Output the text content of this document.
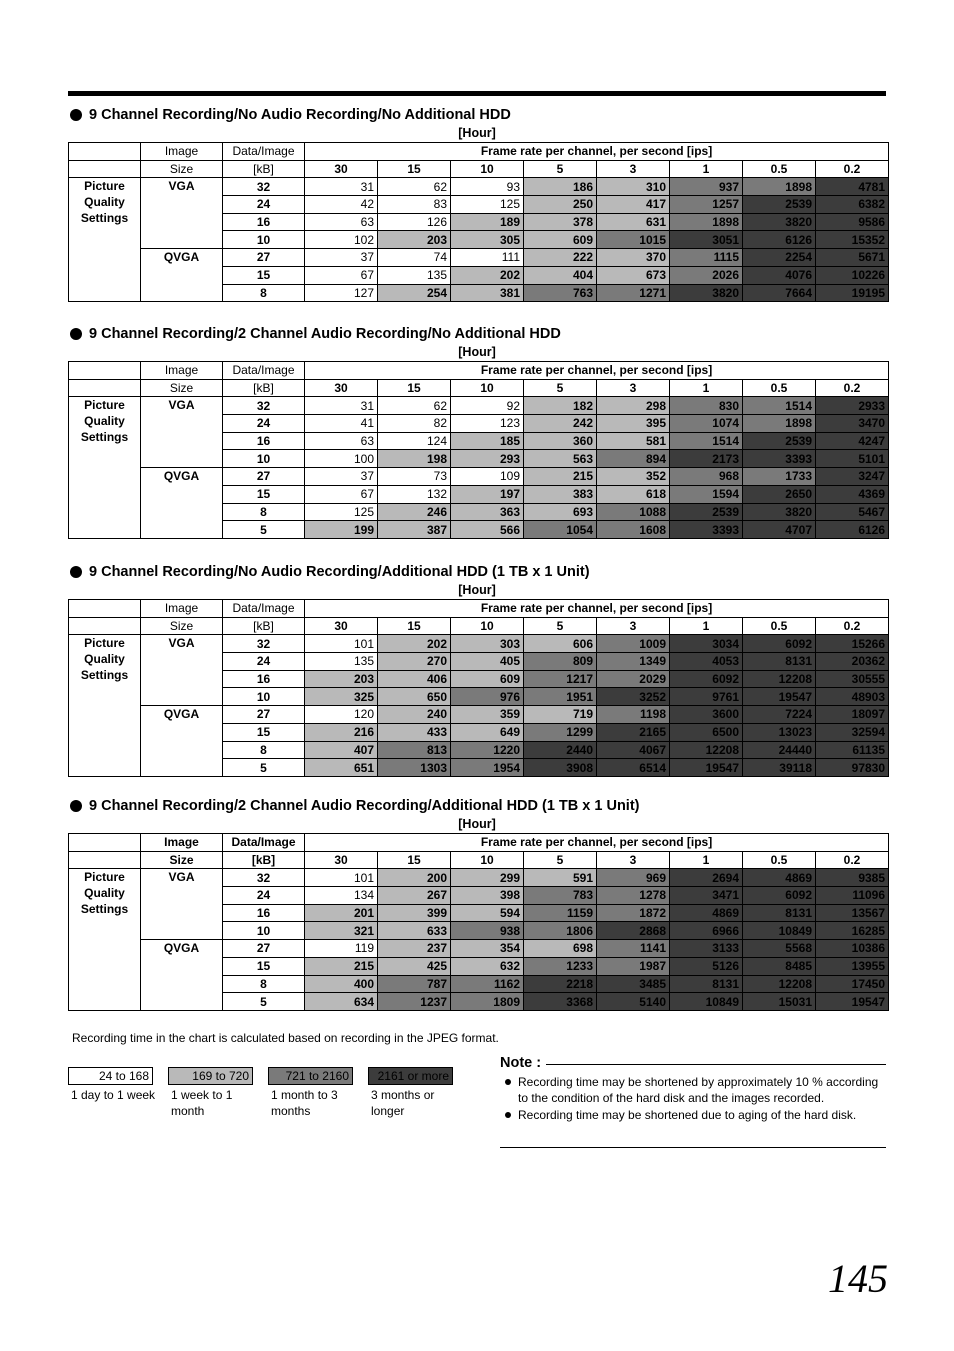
9 Channel Recording/No Audio Recording/No Additional HDD
[Hour]
	Image	Data/Image	Frame rate per channel, per second [ips]							
	Size	[kB]	30	15	10	5	3	1	0.5	0.2

Picture
Quality
Settings	VGA	32	31	62	93	186	310	937	1898	4781
		24	42	83	125	250	417	1257	2539	6382
		16	63	126	189	378	631	1898	3820	9586
		10	102	203	305	609	1015	3051	6126	15352
	QVGA	27	37	74	111	222	370	1115	2254	5671
		15	67	135	202	404	673	2026	4076	10226
		8	127	254	381	763	1271	3820	7664	19195
9 Channel Recording/2 Channel Audio Recording/No Additional HDD
[Hour]
	Image	Data/Image	Frame rate per channel, per second [ips]							
	Size	[kB]	30	15	10	5	3	1	0.5	0.2

Picture
Quality
Settings	VGA	32	31	62	92	182	298	830	1514	2933
		24	41	82	123	242	395	1074	1898	3470
		16	63	124	185	360	581	1514	2539	4247
		10	100	198	293	563	894	2173	3393	5101
	QVGA	27	37	73	109	215	352	968	1733	3247
		15	67	132	197	383	618	1594	2650	4369
		8	125	246	363	693	1088	2539	3820	5467
		5	199	387	566	1054	1608	3393	4707	6126
9 Channel Recording/No Audio Recording/Additional HDD (1 TB x 1 Unit)
[Hour]
	Image	Data/Image	Frame rate per channel, per second [ips]							
	Size	[kB]	30	15	10	5	3	1	0.5	0.2

Picture
Quality
Settings	VGA	32	101	202	303	606	1009	3034	6092	15266
		24	135	270	405	809	1349	4053	8131	20362
		16	203	406	609	1217	2029	6092	12208	30555
		10	325	650	976	1951	3252	9761	19547	48903
	QVGA	27	120	240	359	719	1198	3600	7224	18097
		15	216	433	649	1299	2165	6500	13023	32594
		8	407	813	1220	2440	4067	12208	24440	61135
		5	651	1303	1954	3908	6514	19547	39118	97830
9 Channel Recording/2 Channel Audio Recording/Additional HDD (1 TB x 1 Unit)
[Hour]
	Image	Data/Image	Frame rate per channel, per second [ips]							
	Size	[kB]	30	15	10	5	3	1	0.5	0.2

Picture
Quality
Settings	VGA	32	101	200	299	591	969	2694	4869	9385
		24	134	267	398	783	1278	3471	6092	11096
		16	201	399	594	1159	1872	4869	8131	13567
		10	321	633	938	1806	2868	6966	10849	16285
	QVGA	27	119	237	354	698	1141	3133	5568	10386
		15	215	425	632	1233	1987	5126	8485	13955
		8	400	787	1162	2218	3485	8131	12208	17450
		5	634	1237	1809	3368	5140	10849	15031	19547
Recording time in the chart is calculated based on recording in the JPEG format.
24 to 168
1 day to 1 week
169 to 720
1 week to 1 month
721 to 2160
1 month to 3 months
2161 or more
3 months or longer
Note :
Recording time may be shortened by approximately 10 % according to the condition of the hard disk and the images recorded.
Recording time may be shortened due to aging of the hard disk.
145
